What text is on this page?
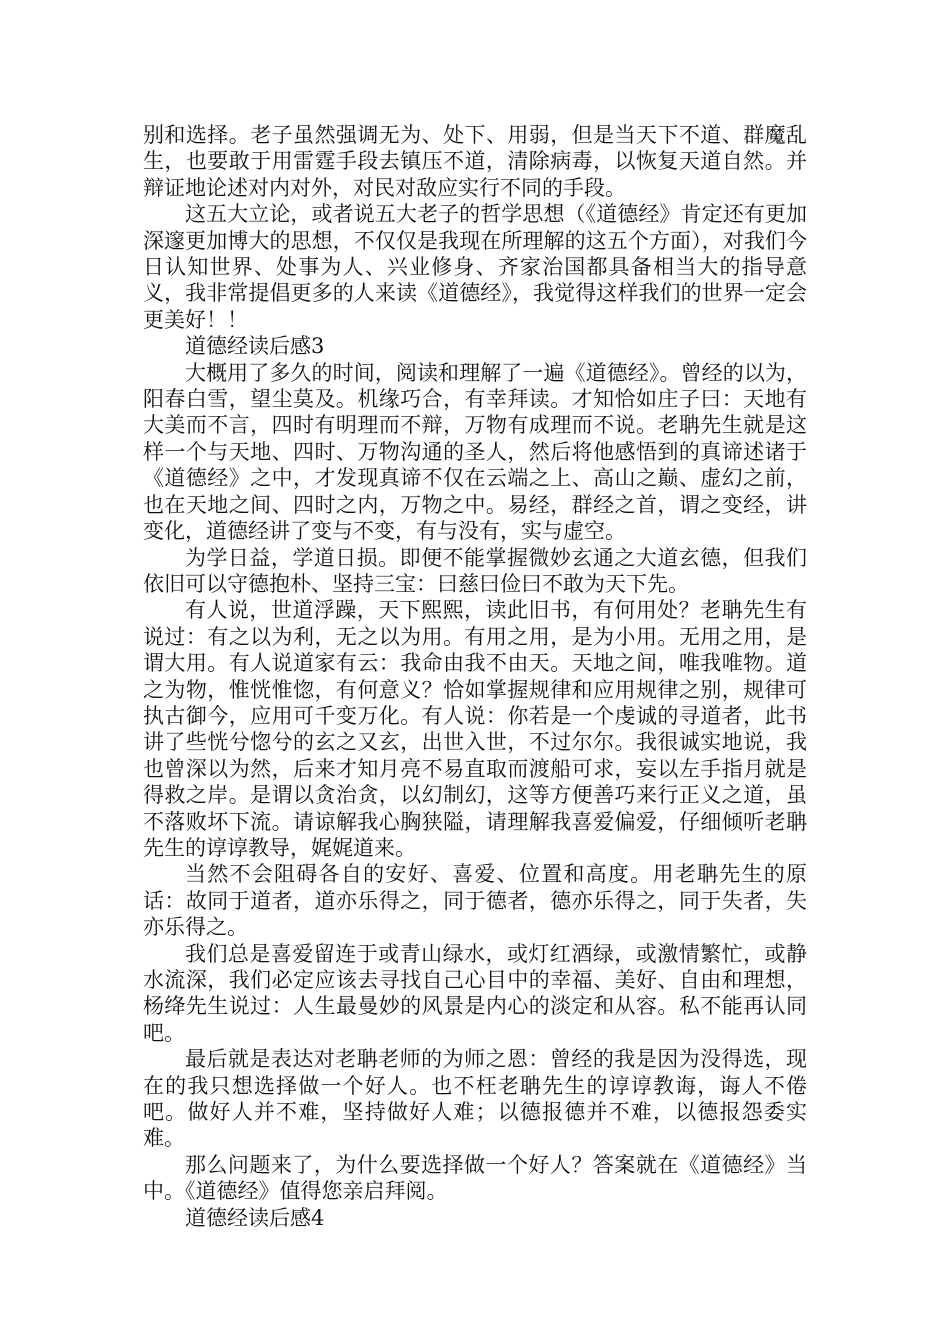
别和选择。老子虽然强调无为、处下、用弱，但是当天下不道、群魔乱生，也要敢于用雷霆手段去镇压不道，清除病毒，以恢复天道自然。并辩证地论述对内对外，对民对敌应实行不同的手段。

这五大立论，或者说五大老子的哲学思想（《道德经》肯定还有更加深邃更加博大的思想，不仅仅是我现在所理解的这五个方面），对我们今日认知世界、处事为人、兴业修身、齐家治国都具备相当大的指导意义，我非常提倡更多的人来读《道德经》，我觉得这样我们的世界一定会更美好！！

道德经读后感3

大概用了多久的时间，阅读和理解了一遍《道德经》。曾经的以为，阳春白雪，望尘莫及。机缘巧合，有幸拜读。才知恰如庄子曰：天地有大美而不言，四时有明理而不辩，万物有成理而不说。老聃先生就是这样一个与天地、四时、万物沟通的圣人，然后将他感悟到的真谛述诸于《道德经》之中，才发现真谛不仅在云端之上、高山之巅、虚幻之前，也在天地之间、四时之内，万物之中。易经，群经之首，谓之变经，讲变化，道德经讲了变与不变，有与没有，实与虚空。

为学日益，学道日损。即便不能掌握微妙玄通之大道玄德，但我们依旧可以守德抱朴、坚持三宝：曰慈曰俭曰不敢为天下先。

有人说，世道浮躁，天下熙熙，读此旧书，有何用处？老聃先生有说过：有之以为利，无之以为用。有用之用，是为小用。无用之用，是谓大用。有人说道家有云：我命由我不由天。天地之间，唯我唯物。道之为物，惟恍惟惚，有何意义？恰如掌握规律和应用规律之别，规律可执古御今，应用可千变万化。有人说：你若是一个虔诚的寻道者，此书讲了些恍兮惚兮的玄之又玄，出世入世，不过尔尔。我很诚实地说，我也曾深以为然，后来才知月亮不易直取而渡船可求，妄以左手指月就是得救之岸。是谓以贪治贪，以幻制幻，这等方便善巧来行正义之道，虽不落败坏下流。请谅解我心胸狭隘，请理解我喜爱偏爱，仔细倾听老聃先生的谆谆教导，娓娓道来。

当然不会阻碍各自的安好、喜爱、位置和高度。用老聃先生的原话：故同于道者，道亦乐得之，同于德者，德亦乐得之，同于失者，失亦乐得之。

我们总是喜爱留连于或青山绿水，或灯红酒绿，或激情繁忙，或静水流深，我们必定应该去寻找自己心目中的幸福、美好、自由和理想，杨绛先生说过：人生最曼妙的风景是内心的淡定和从容。私不能再认同吧。

最后就是表达对老聃老师的为师之恩：曾经的我是因为没得选，现在的我只想选择做一个好人。也不枉老聃先生的谆谆教诲，诲人不倦吧。做好人并不难，坚持做好人难；以德报德并不难，以德报怨委实难。

那么问题来了，为什么要选择做一个好人？答案就在《道德经》当中。《道德经》值得您亲启拜阅。

道德经读后感4
